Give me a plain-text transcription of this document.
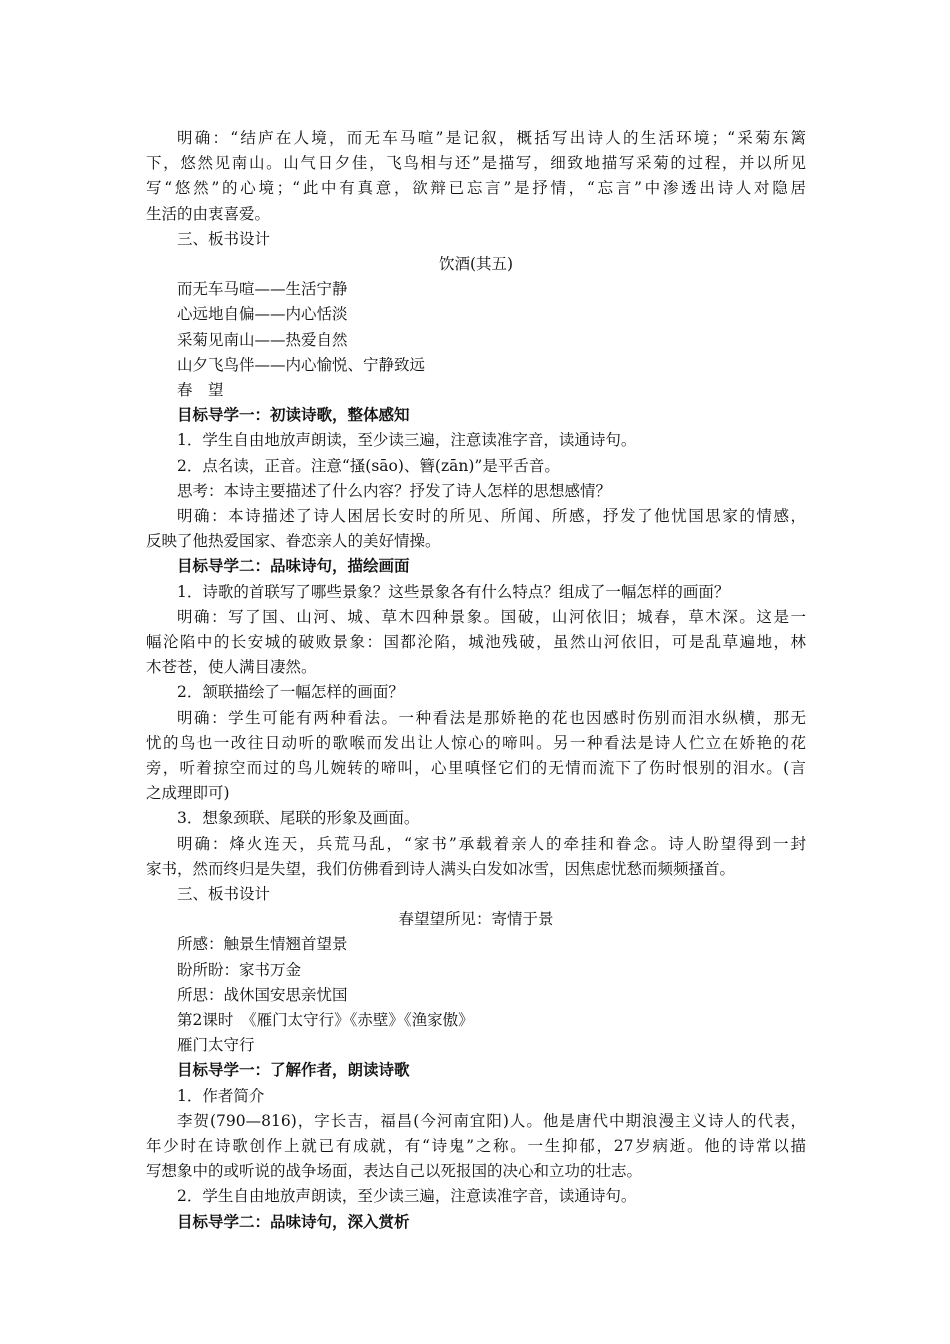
明确：“结庐在人境，而无车马喧”是记叙，概括写出诗人的生活环境；“采菊东篱
下，悠然见南山。山气日夕佳，飞鸟相与还”是描写，细致地描写采菊的过程，并以所见
写“悠然”的心境；“此中有真意，欲辩已忘言”是抒情，“忘言”中渗透出诗人对隐居
生活的由衷喜爱。
三、板书设计
饮酒(其五)
而无车马喧——生活宁静
心远地自偏——内心恬淡
采菊见南山——热爱自然
山夕飞鸟伴——内心愉悦、宁静致远
春　望
目标导学一：初读诗歌，整体感知
1．学生自由地放声朗读，至少读三遍，注意读准字音，读通诗句。
2．点名读，正音。注意“搔(sāo)、簪(zān)”是平舌音。
思考：本诗主要描述了什么内容？抒发了诗人怎样的思想感情？
明确：本诗描述了诗人困居长安时的所见、所闻、所感，抒发了他忧国思家的情感，
反映了他热爱国家、眷恋亲人的美好情操。
目标导学二：品味诗句，描绘画面
1．诗歌的首联写了哪些景象？这些景象各有什么特点？组成了一幅怎样的画面？
明确：写了国、山河、城、草木四种景象。国破，山河依旧；城春，草木深。这是一
幅沦陷中的长安城的破败景象：国都沦陷，城池残破，虽然山河依旧，可是乱草遍地，林
木苍苍，使人满目凄然。
2．颔联描绘了一幅怎样的画面？
明确：学生可能有两种看法。一种看法是那娇艳的花也因感时伤别而泪水纵横，那无
忧的鸟也一改往日动听的歌喉而发出让人惊心的啼叫。另一种看法是诗人伫立在娇艳的花
旁，听着掠空而过的鸟儿婉转的啼叫，心里嗔怪它们的无情而流下了伤时恨别的泪水。(言
之成理即可)
3．想象颈联、尾联的形象及画面。
明确：烽火连天，兵荒马乱，“家书”承载着亲人的牵挂和眷念。诗人盼望得到一封
家书，然而终归是失望，我们仿佛看到诗人满头白发如冰雪，因焦虑忧愁而频频搔首。
三、板书设计
春望望所见：寄情于景
所感：触景生情翘首望景
盼所盼：家书万金
所思：战休国安思亲忧国
第2课时　《雁门太守行》《赤壁》《渔家傲》
雁门太守行
目标导学一：了解作者，朗读诗歌
1．作者简介
李贺(790—816)，字长吉，福昌(今河南宜阳)人。他是唐代中期浪漫主义诗人的代表，
年少时在诗歌创作上就已有成就，有“诗鬼”之称。一生抑郁，27岁病逝。他的诗常以描
写想象中的或听说的战争场面，表达自己以死报国的决心和立功的壮志。
2．学生自由地放声朗读，至少读三遍，注意读准字音，读通诗句。
目标导学二：品味诗句，深入赏析
